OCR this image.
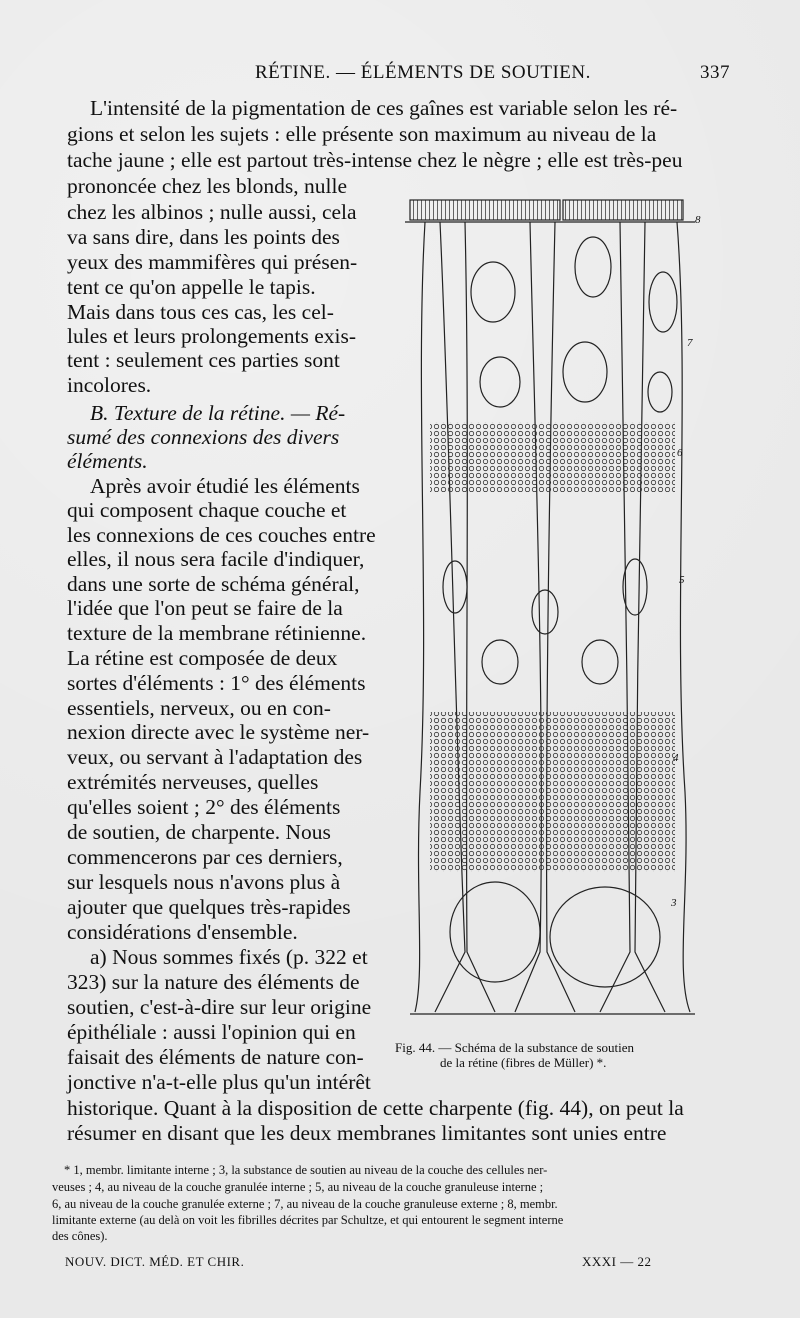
RÉTINE. — ÉLÉMENTS DE SOUTIEN.	337
L'intensité de la pigmentation de ces gaînes est variable selon les ré-
gions et selon les sujets : elle présente son maximum au niveau de la
tache jaune ; elle est partout très-intense chez le nègre ; elle est très-peu
prononcée chez les blonds, nulle
chez les albinos ; nulle aussi, cela
va sans dire, dans les points des
yeux des mammifères qui présen-
tent ce qu'on appelle le tapis.
Mais dans tous ces cas, les cel-
lules et leurs prolongements exis-
tent : seulement ces parties sont
incolores.
B. Texture de la rétine. — Ré-
sumé des connexions des divers
éléments.
Après avoir étudié les éléments
qui composent chaque couche et
les connexions de ces couches entre
elles, il nous sera facile d'indiquer,
dans une sorte de schéma général,
l'idée que l'on peut se faire de la
texture de la membrane rétinienne.
La rétine est composée de deux
sortes d'éléments : 1° des éléments
essentiels, nerveux, ou en con-
nexion directe avec le système ner-
veux, ou servant à l'adaptation des
extrémités nerveuses, quelles
qu'elles soient ; 2° des éléments
de soutien, de charpente. Nous
commencerons par ces derniers,
sur lesquels nous n'avons plus à
ajouter que quelques très-rapides
considérations d'ensemble.
a) Nous sommes fixés (p. 322 et
323) sur la nature des éléments de
soutien, c'est-à-dire sur leur origine
épithéliale : aussi l'opinion qui en
faisait des éléments de nature con-
jonctive n'a-t-elle plus qu'un intérêt
historique. Quant à la disposition de cette charpente (fig. 44), on peut la
résumer en disant que les deux membranes limitantes sont unies entre
8
7
6
5
4
3
Fig. 44. — Schéma de la substance de soutien
de la rétine (fibres de Müller) *.
* 1, membr. limitante interne ; 3, la substance de soutien au niveau de la couche des cellules ner-
veuses ; 4, au niveau de la couche granulée interne ; 5, au niveau de la couche granuleuse interne ;
6, au niveau de la couche granulée externe ; 7, au niveau de la couche granuleuse externe ; 8, membr.
limitante externe (au delà on voit les fibrilles décrites par Schultze, et qui entourent le segment interne
des cônes).
NOUV. DICT. MÉD. ET CHIR.	XXXI — 22
